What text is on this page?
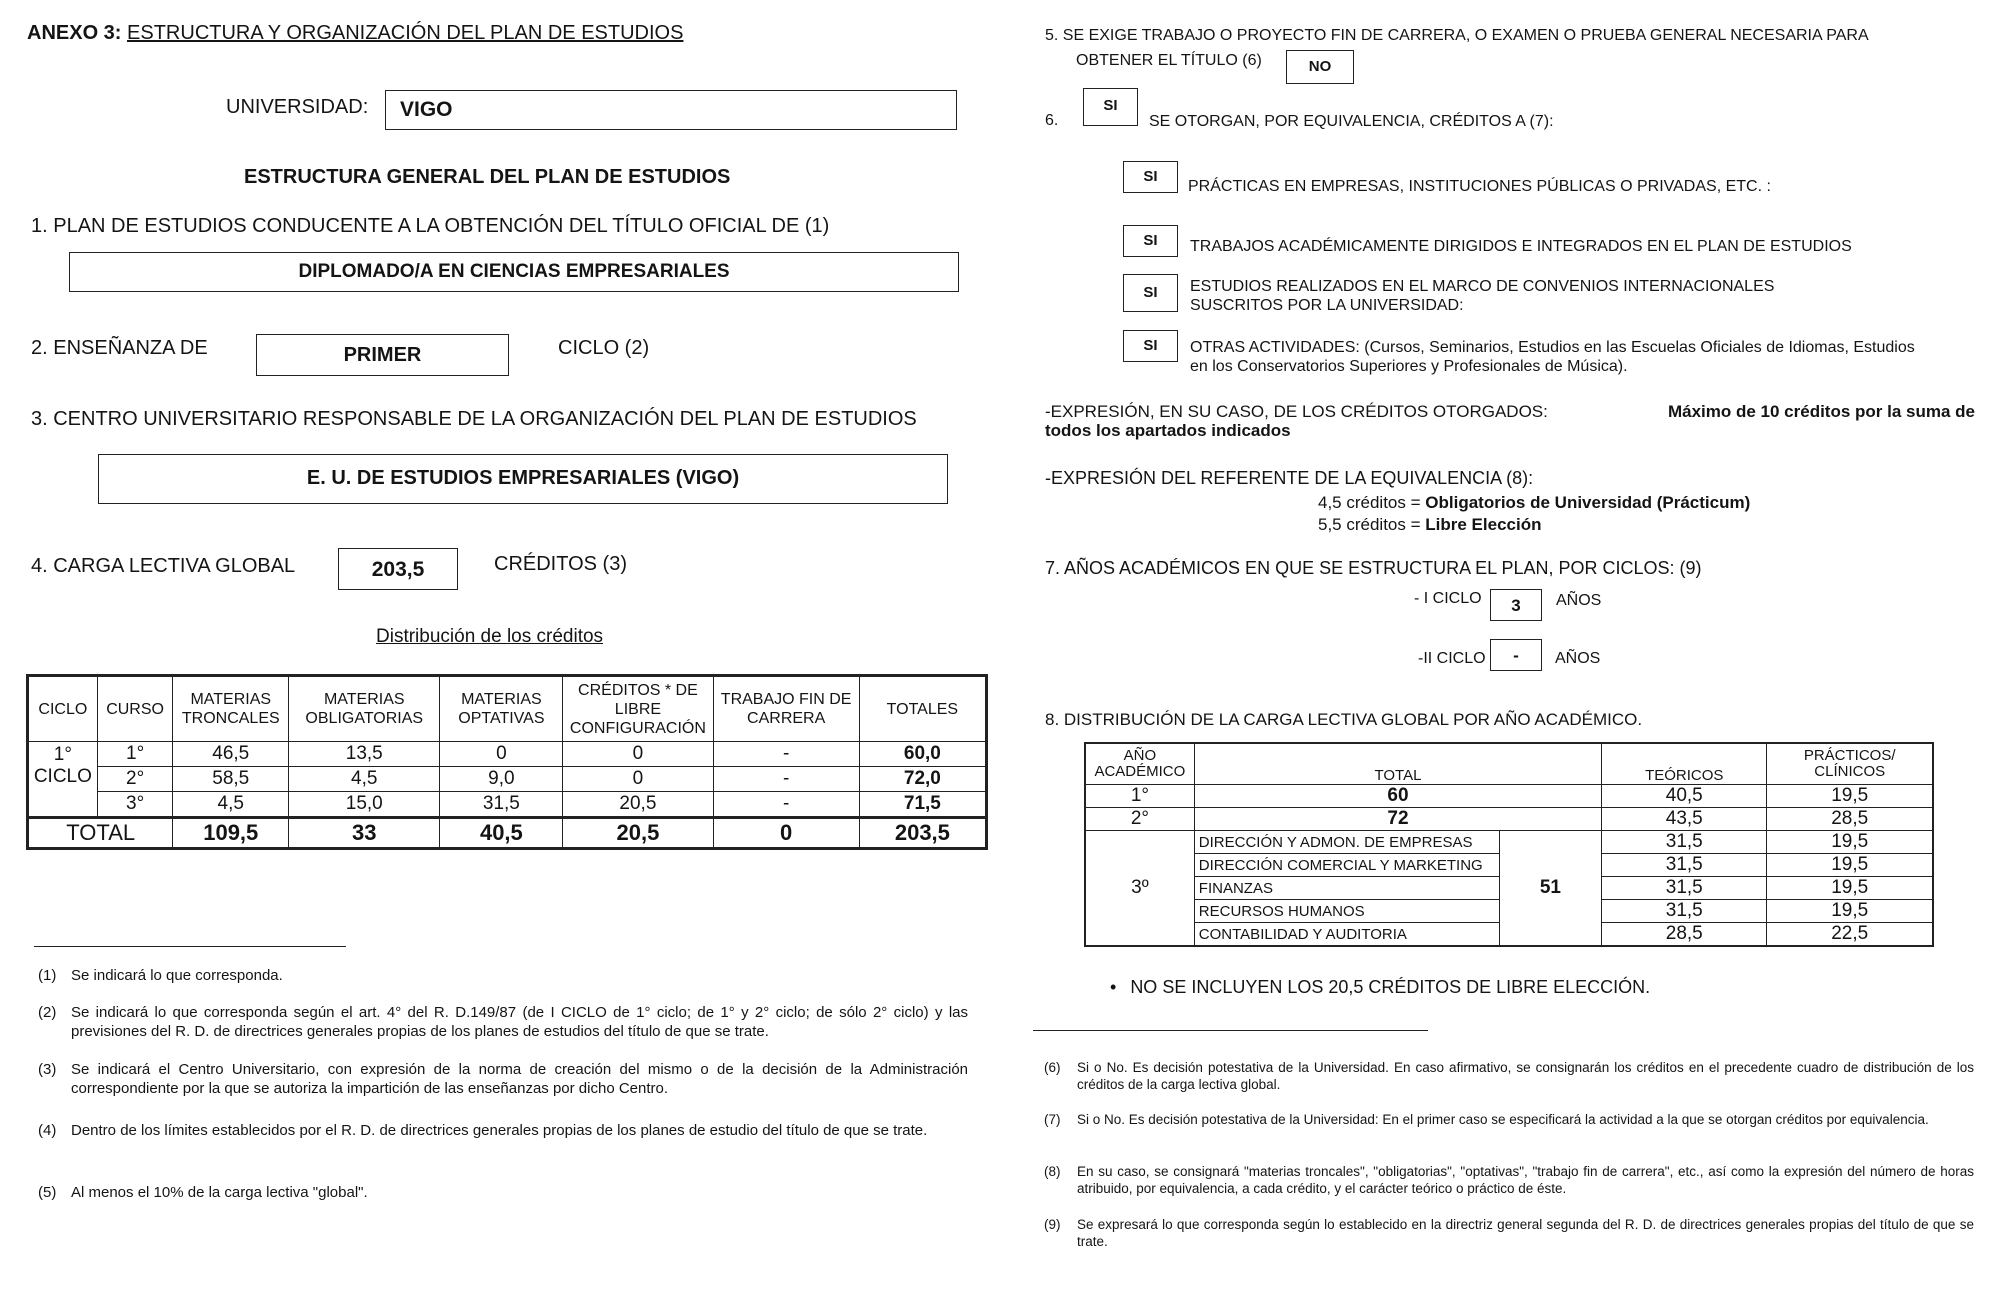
ANEXO 3: ESTRUCTURA Y ORGANIZACIÓN DEL PLAN DE ESTUDIOS
UNIVERSIDAD:	VIGO
ESTRUCTURA GENERAL DEL PLAN DE ESTUDIOS
1. PLAN DE ESTUDIOS CONDUCENTE A LA OBTENCIÓN DEL TÍTULO OFICIAL DE (1)
DIPLOMADO/A EN CIENCIAS EMPRESARIALES
2. ENSEÑANZA DE	PRIMER	CICLO (2)
3. CENTRO UNIVERSITARIO RESPONSABLE DE LA ORGANIZACIÓN DEL PLAN DE ESTUDIOS
E. U. DE ESTUDIOS EMPRESARIALES (VIGO)
4. CARGA LECTIVA GLOBAL	203,5	CRÉDITOS (3)
Distribución de los créditos
CICLO	CURSO	MATERIAS TRONCALES	MATERIAS OBLIGATORIAS	MATERIAS OPTATIVAS	CRÉDITOS * DE LIBRE CONFIGURACIÓN	TRABAJO FIN DE CARRERA	TOTALES

1°
CICLO	1°	46,5	13,5	0	0	-	60,0
	2°	58,5	4,5	9,0	0	-	72,0
	3°	4,5	15,0	31,5	20,5	-	71,5
TOTAL		109,5	33	40,5	20,5	0	203,5
(1) Se indicará lo que corresponda.
(2) Se indicará lo que corresponda según el art. 4° del R. D.149/87 (de I CICLO de 1° ciclo; de 1° y 2° ciclo; de sólo 2° ciclo) y las previsiones del R. D. de directrices generales propias de los planes de estudios del título de que se trate.
(3) Se indicará el Centro Universitario, con expresión de la norma de creación del mismo o de la decisión de la Administración correspondiente por la que se autoriza la impartición de las enseñanzas por dicho Centro.
(4) Dentro de los límites establecidos por el R. D. de directrices generales propias de los planes de estudio del título de que se trate.
(5) Al menos el 10% de la carga lectiva "global".
5. SE EXIGE TRABAJO O PROYECTO FIN DE CARRERA, O EXAMEN O PRUEBA GENERAL NECESARIA PARA
OBTENER EL TÍTULO (6)	NO
6.
SI
SE OTORGAN, POR EQUIVALENCIA, CRÉDITOS A (7):
SI
PRÁCTICAS EN EMPRESAS, INSTITUCIONES PÚBLICAS O PRIVADAS, ETC. :
SI	TRABAJOS ACADÉMICAMENTE DIRIGIDOS E INTEGRADOS EN EL PLAN DE ESTUDIOS
SI	ESTUDIOS REALIZADOS EN EL MARCO DE CONVENIOS INTERNACIONALES
SUSCRITOS POR LA UNIVERSIDAD:
SI	OTRAS ACTIVIDADES: (Cursos, Seminarios, Estudios en las Escuelas Oficiales de Idiomas, Estudios
en los Conservatorios Superiores y Profesionales de Música).
-EXPRESIÓN, EN SU CASO, DE LOS CRÉDITOS OTORGADOS:	Máximo de 10 créditos por la suma de
todos los apartados indicados
-EXPRESIÓN DEL REFERENTE DE LA EQUIVALENCIA (8):
4,5 créditos = Obligatorios de Universidad (Prácticum)
5,5 créditos = Libre Elección
7. AÑOS ACADÉMICOS EN QUE SE ESTRUCTURA EL PLAN, POR CICLOS: (9)
- I CICLO	3	AÑOS
-II CICLO	-	AÑOS
8. DISTRIBUCIÓN DE LA CARGA LECTIVA GLOBAL POR AÑO ACADÉMICO.
AÑO ACADÉMICO	TOTAL		TEÓRICOS	PRÁCTICOS/ CLÍNICOS
1°	60		40,5	19,5
2°	72		43,5	28,5
3º	DIRECCIÓN Y ADMON. DE EMPRESAS	51	31,5	19,5
	DIRECCIÓN COMERCIAL Y MARKETING		31,5	19,5
	FINANZAS		31,5	19,5
	RECURSOS HUMANOS		31,5	19,5
	CONTABILIDAD Y AUDITORIA		28,5	22,5
• NO SE INCLUYEN LOS 20,5 CRÉDITOS DE LIBRE ELECCIÓN.
(6)	Si o No. Es decisión potestativa de la Universidad. En caso afirmativo, se consignarán los créditos en el precedente cuadro de distribución de los créditos de la carga lectiva global.
(7)	Si o No. Es decisión potestativa de la Universidad: En el primer caso se especificará la actividad a la que se otorgan créditos por equivalencia.
(8)	En su caso, se consignará "materias troncales", "obligatorias", "optativas", "trabajo fin de carrera", etc., así como la expresión del número de horas atribuido, por equivalencia, a cada crédito, y el carácter teórico o práctico de éste.
(9)	Se expresará lo que corresponda según lo establecido en la directriz general segunda del R. D. de directrices generales propias del título de que se trate.
